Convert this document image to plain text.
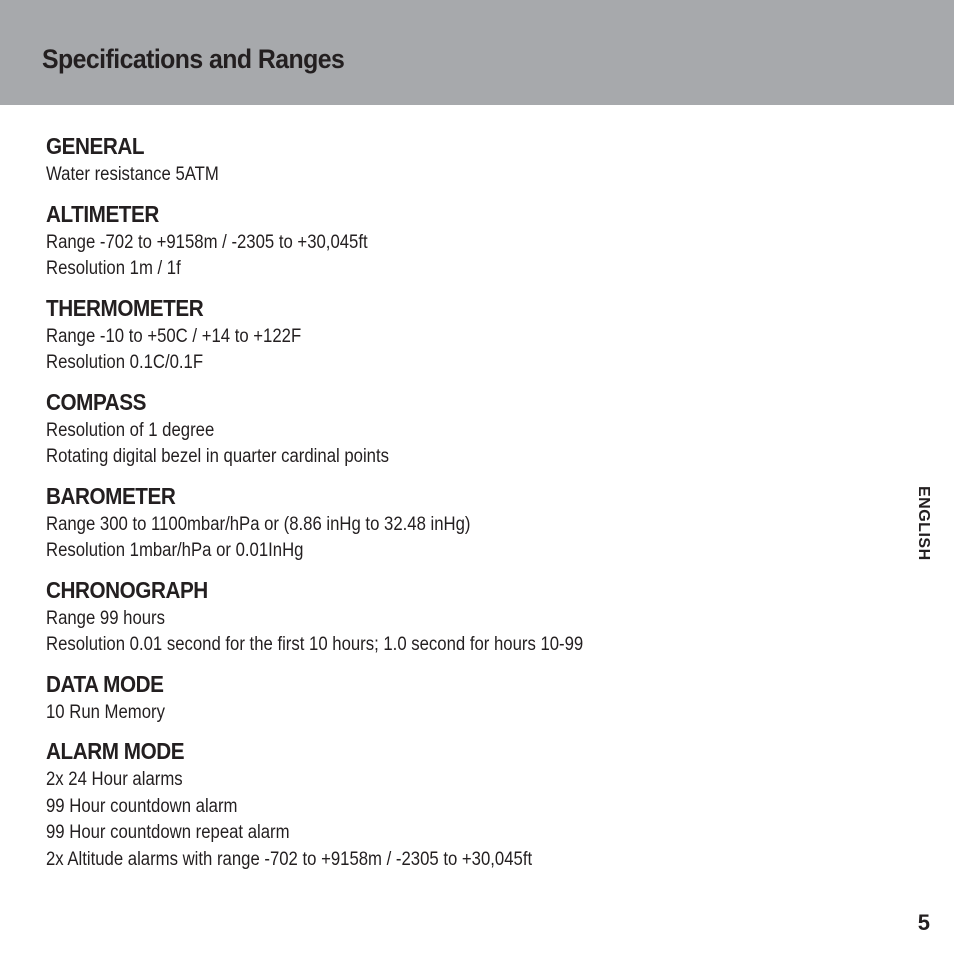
Specifications and Ranges
GENERAL
Water resistance 5ATM
ALTIMETER
Range -702 to +9158m / -2305 to +30,045ft
Resolution 1m / 1f
THERMOMETER
Range -10 to +50C / +14 to +122F
Resolution 0.1C/0.1F
COMPASS
Resolution of 1 degree
Rotating digital bezel in quarter cardinal points
BAROMETER
Range 300 to 1100mbar/hPa or (8.86 inHg to 32.48 inHg)
Resolution 1mbar/hPa or 0.01InHg
CHRONOGRAPH
Range 99 hours
Resolution 0.01 second for the first 10 hours; 1.0 second for hours 10-99
DATA MODE
10 Run Memory
ALARM MODE
2x 24 Hour alarms
99 Hour countdown alarm
99 Hour countdown repeat alarm
2x Altitude alarms with range -702 to +9158m / -2305 to +30,045ft
ENGLISH
5
